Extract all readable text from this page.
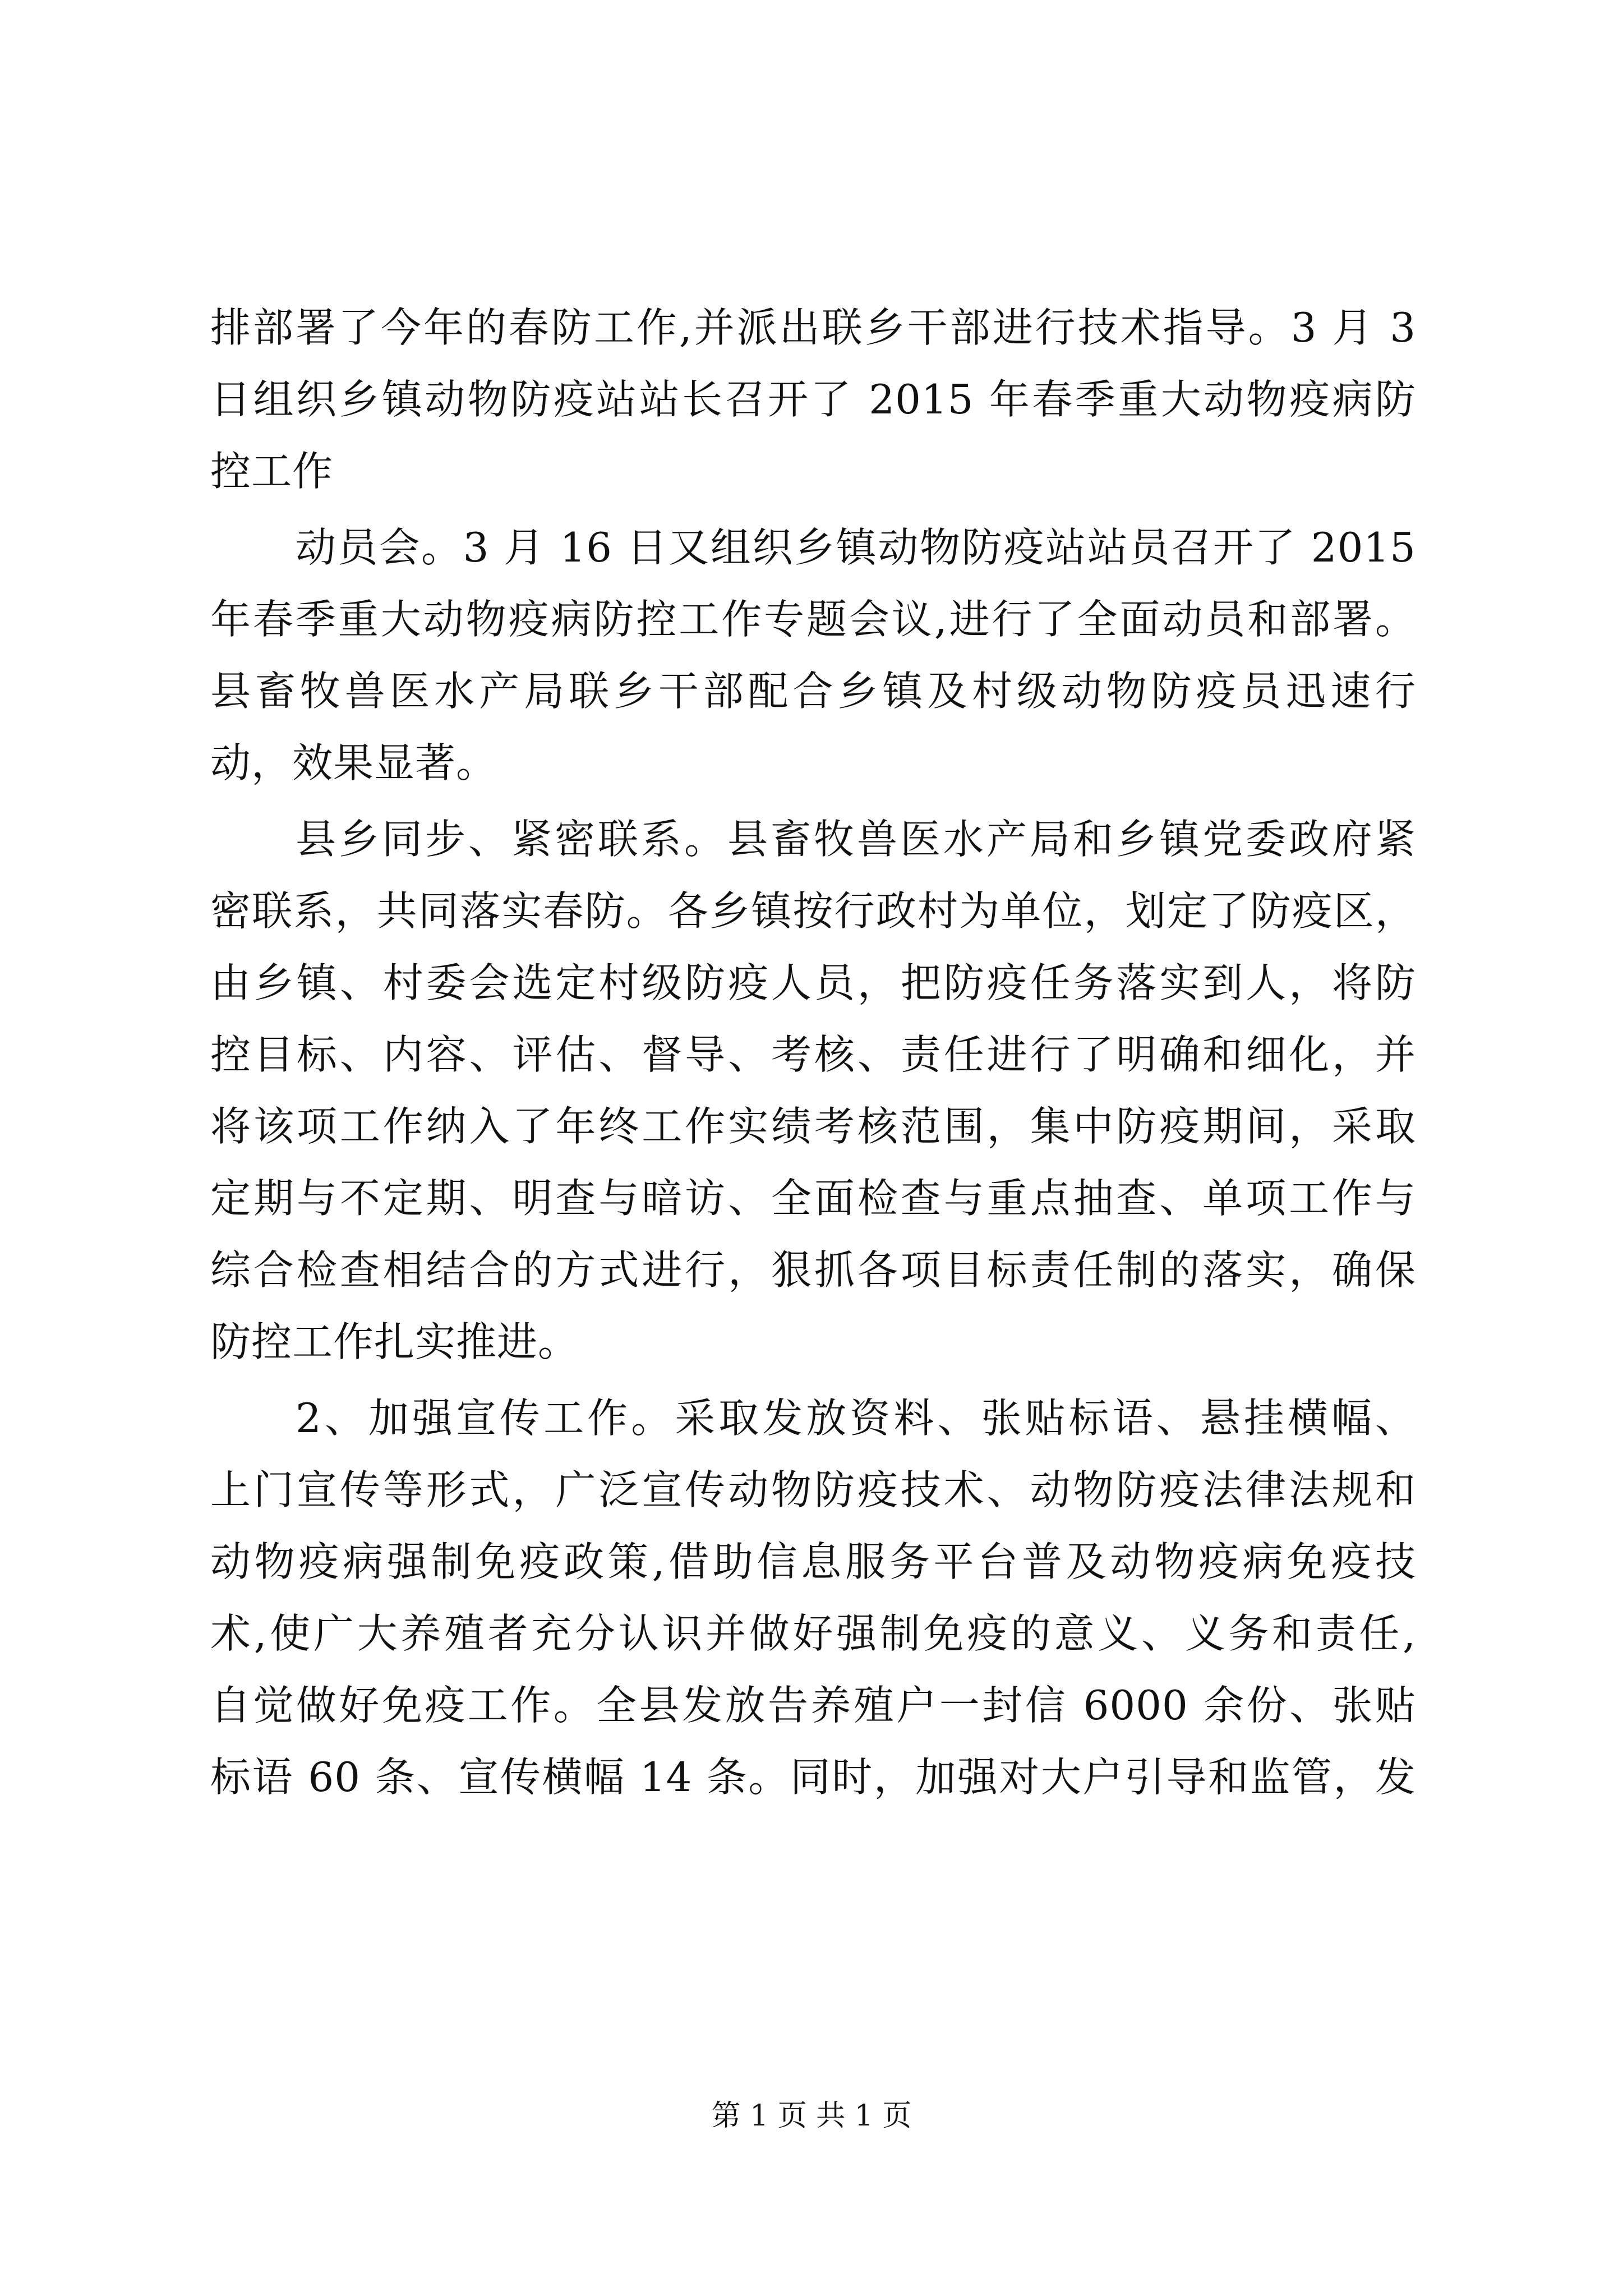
排部署了今年的春防工作,并派出联乡干部进行技术指导。3 月 3
日组织乡镇动物防疫站站长召开了 2015 年春季重大动物疫病防
控工作
动员会。3 月 16 日又组织乡镇动物防疫站站员召开了 2015
年春季重大动物疫病防控工作专题会议,进行了全面动员和部署。
县畜牧兽医水产局联乡干部配合乡镇及村级动物防疫员迅速行
动，效果显著。
县乡同步、紧密联系。县畜牧兽医水产局和乡镇党委政府紧
密联系，共同落实春防。各乡镇按行政村为单位，划定了防疫区，
由乡镇、村委会选定村级防疫人员，把防疫任务落实到人，将防
控目标、内容、评估、督导、考核、责任进行了明确和细化，并
将该项工作纳入了年终工作实绩考核范围，集中防疫期间，采取
定期与不定期、明查与暗访、全面检查与重点抽查、单项工作与
综合检查相结合的方式进行，狠抓各项目标责任制的落实，确保
防控工作扎实推进。
2、加强宣传工作。采取发放资料、张贴标语、悬挂横幅、
上门宣传等形式，广泛宣传动物防疫技术、动物防疫法律法规和
动物疫病强制免疫政策,借助信息服务平台普及动物疫病免疫技
术,使广大养殖者充分认识并做好强制免疫的意义、义务和责任,
自觉做好免疫工作。全县发放告养殖户一封信 6000 余份、张贴
标语 60 条、宣传横幅 14 条。同时，加强对大户引导和监管，发
第 1 页 共 1 页
